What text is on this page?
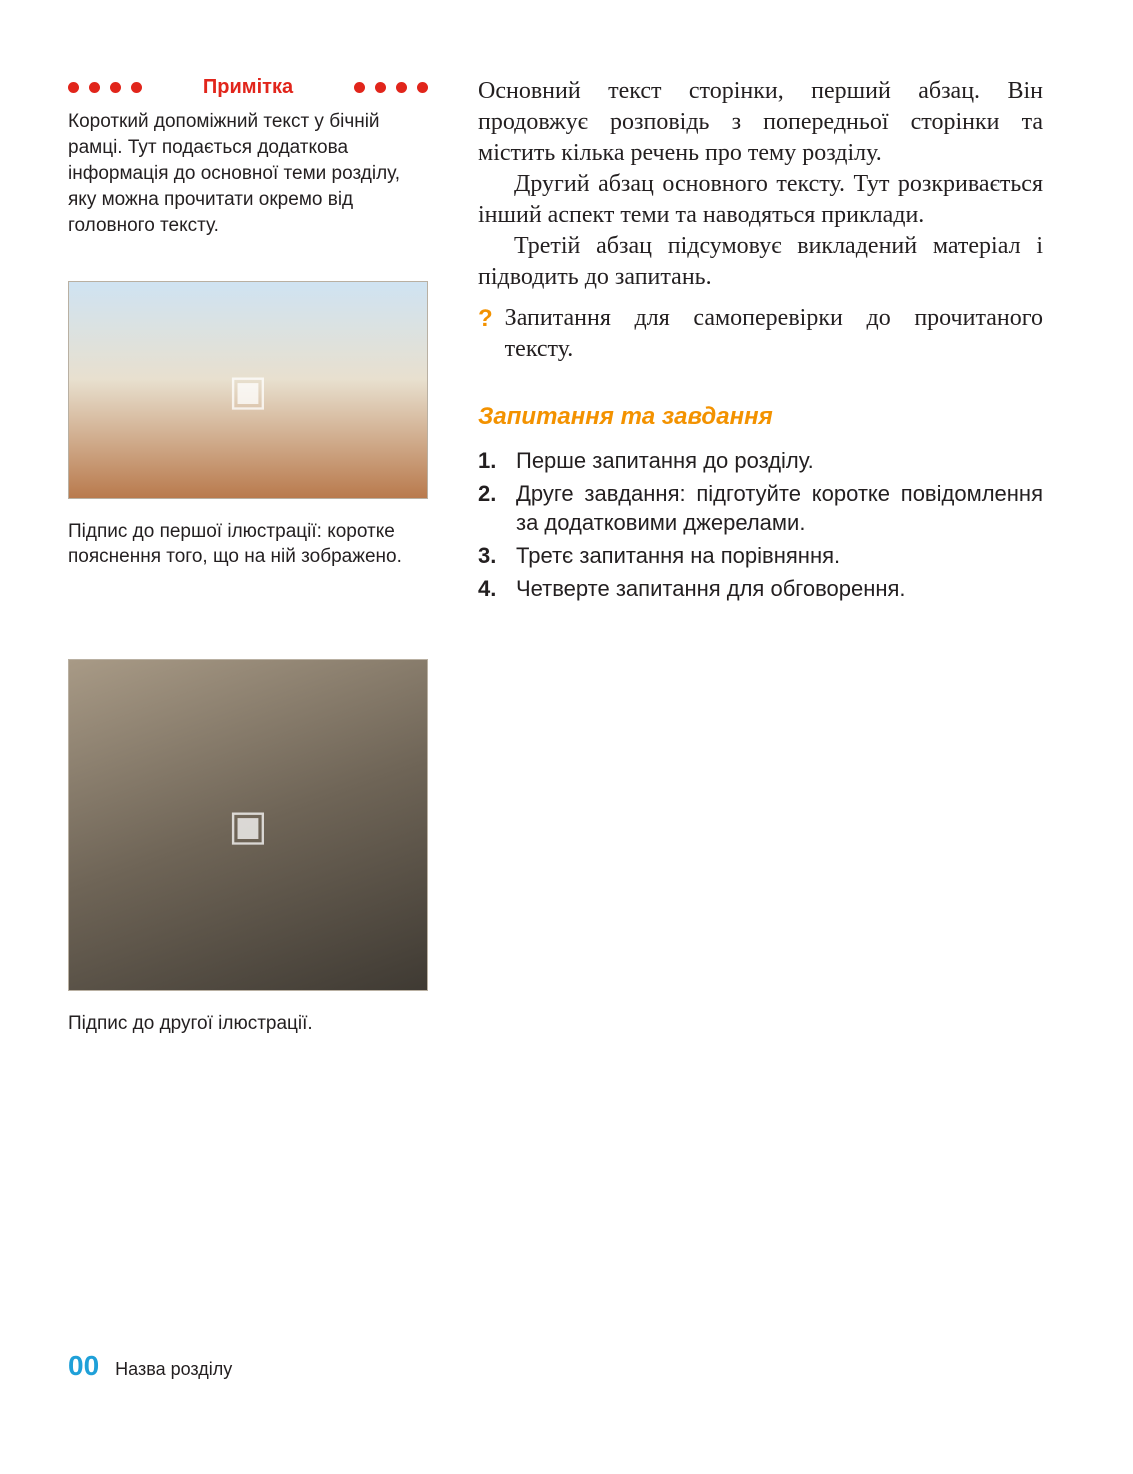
Примітка
Короткий допоміжний текст у бічній рамці. Тут подається додаткова інформація до основної теми розділу, яку можна прочитати окремо від головного тексту.
▣
Підпис до першої ілюстрації: коротке пояснення того, що на ній зображено.
▣
Підпис до другої ілюстрації.

Основний текст сторінки, перший абзац. Він продовжує розповідь з попередньої сторінки та містить кілька речень про тему розділу.

Другий абзац основного тексту. Тут розкривається інший аспект теми та наводяться приклади.

Третій абзац підсумовує викладений матеріал і підводить до запитань.

? Запитання для самоперевірки до прочитаного тексту.
Запитання та завдання
1. Перше запитання до розділу.
2. Друге завдання: підготуйте коротке повідомлення за додатковими джерелами.
3. Третє запитання на порівняння.
4. Четверте запитання для обговорення.
00 Назва розділу
